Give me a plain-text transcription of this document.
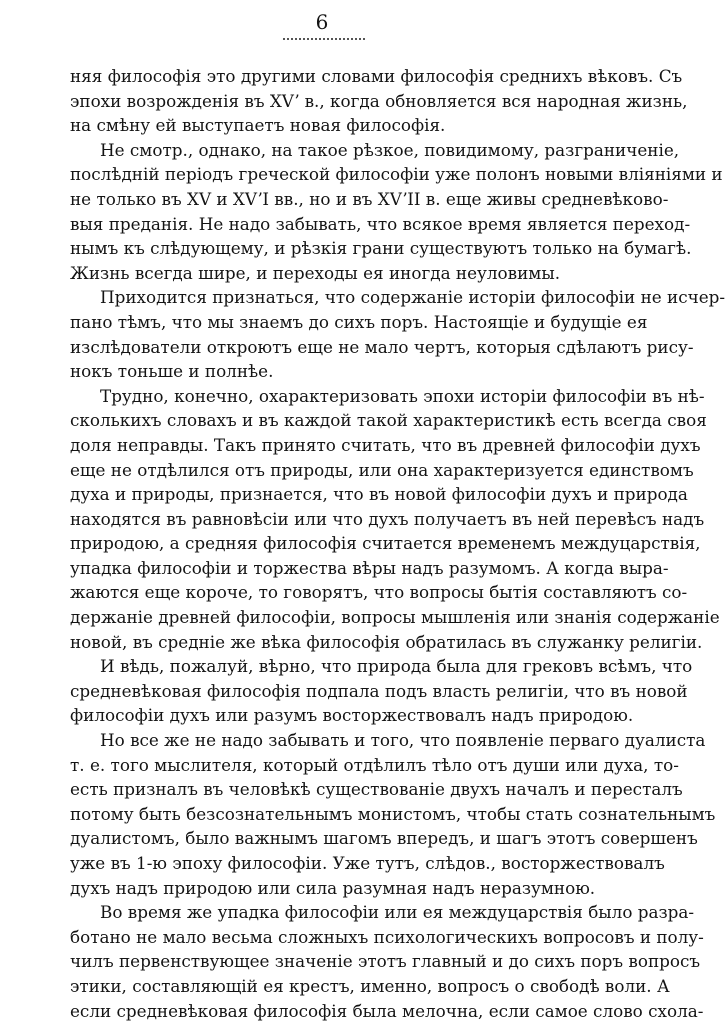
6
няя философія это другими словами философія среднихъ вѣковъ. Съ
эпохи возрожденія въ XVʼ в., когда обновляется вся народная жизнь,
на смѣну ей выступаетъ новая философія.
Не смотр., однако, на такое рѣзкое, повидимому, разграниченіе,
послѣдній періодъ греческой философіи уже полонъ новыми вліяніями и
не только въ XV и XVʼI вв., но и въ XVʼII в. еще живы средневѣково-
выя преданія. Не надо забывать, что всякое время является переход-
нымъ къ слѣдующему, и рѣзкія грани существуютъ только на бумагѣ.
Жизнь всегда шире, и переходы ея иногда неуловимы.
Приходится признаться, что содержаніе исторіи философіи не исчер-
пано тѣмъ, что мы знаемъ до сихъ поръ. Настоящіе и будущіе ея
изслѣдователи откроютъ еще не мало чертъ, которыя сдѣлаютъ рису-
нокъ тоньше и полнѣе.
Трудно, конечно, охарактеризовать эпохи исторіи философіи въ нѣ-
сколькихъ словахъ и въ каждой такой характеристикѣ есть всегда своя
доля неправды. Такъ принято считать, что въ древней философіи духъ
еще не отдѣлился отъ природы, или она характеризуется единствомъ
духа и природы, признается, что въ новой философіи духъ и природа
находятся въ равновѣсіи или что духъ получаетъ въ ней перевѣсъ надъ
природою, а средняя философія считается временемъ междуцарствія,
упадка философіи и торжества вѣры надъ разумомъ. А когда выра-
жаются еще короче, то говорятъ, что вопросы бытія составляютъ со-
держаніе древней философіи, вопросы мышленія или знанія содержаніе
новой, въ средніе же вѣка философія обратилась въ служанку религіи.
И вѣдь, пожалуй, вѣрно, что природа была для грековъ всѣмъ, что
средневѣковая философія подпала подъ власть религіи, что въ новой
философіи духъ или разумъ восторжествовалъ надъ природою.
Но все же не надо забывать и того, что появленіе перваго дуалиста
т. е. того мыслителя, который отдѣлилъ тѣло отъ души или духа, то-
есть призналъ въ человѣкѣ существованіе двухъ началъ и пересталъ
потому быть безсознательнымъ монистомъ, чтобы стать сознательнымъ
дуалистомъ, было важнымъ шагомъ впередъ, и шагъ этотъ совершенъ
уже въ 1-ю эпоху философіи. Уже тутъ, слѣдов., восторжествовалъ
духъ надъ природою или сила разумная надъ неразумною.
Во время же упадка философіи или ея междуцарствія было разра-
ботано не мало весьма сложныхъ психологическихъ вопросовъ и полу-
чилъ первенствующее значеніе этотъ главный и до сихъ поръ вопросъ
этики, составляющій ея крестъ, именно, вопросъ о свободѣ воли. А
если средневѣковая философія была мелочна, если самое слово схола-
